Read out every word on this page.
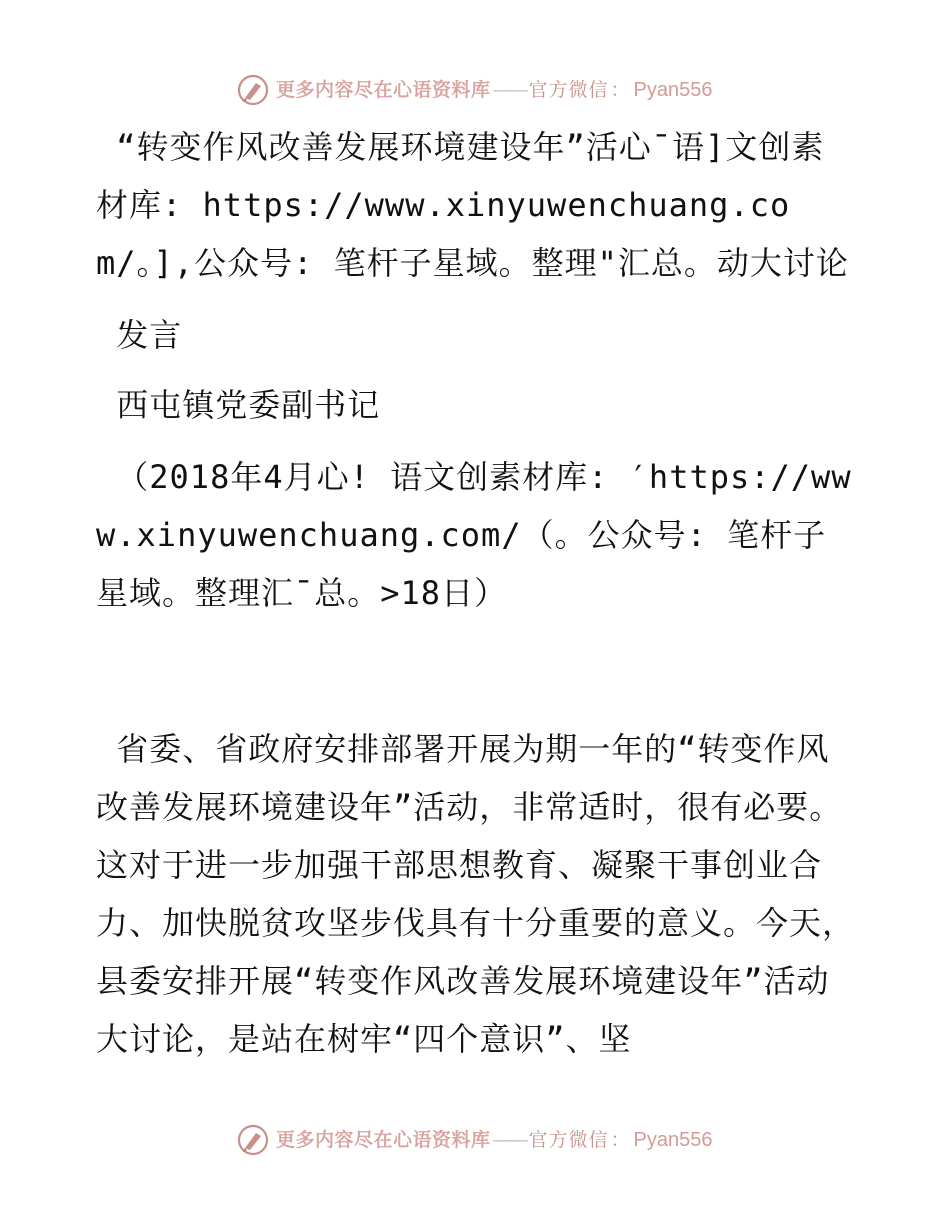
更多内容尽在心语资料库 —— 官方微信 ： Pyan556

“转变作风改善发展环境建设年”活心¯语]文创素材库: https://www.xinyuwenchuang.com/。],公众号: 笔杆子星域。整理"汇总。动大讨论

发言

西屯镇党委副书记

（2018年4月心! 语文创素材库: ′https://www.xinyuwenchuang.com/（。公众号: 笔杆子星域。整理汇¯总。>18日）

省委、省政府安排部署开展为期一年的“转变作风改善发展环境建设年”活动，非常适时，很有必要。这对于进一步加强干部思想教育、凝聚干事创业合力、加快脱贫攻坚步伐具有十分重要的意义。今天，县委安排开展“转变作风改善发展环境建设年”活动大讨论，是站在树牢“四个意识”、坚

更多内容尽在心语资料库 —— 官方微信 ： Pyan556
